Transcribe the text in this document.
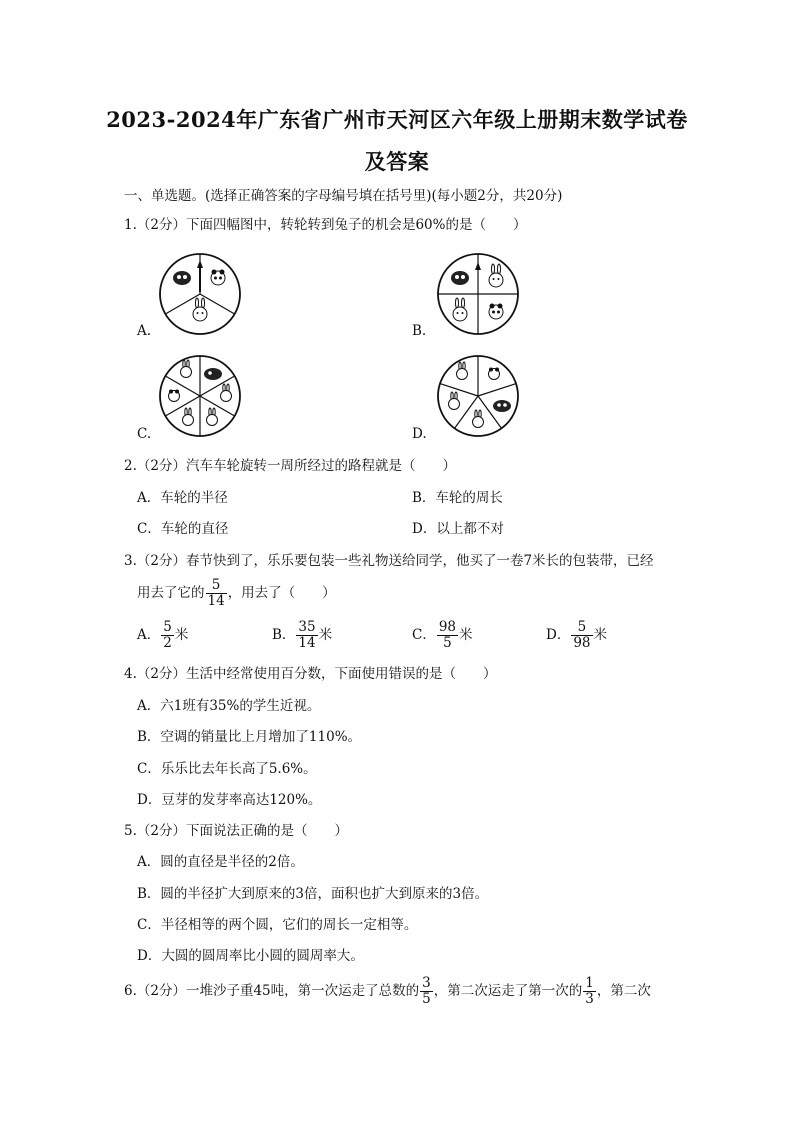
2023-2024年广东省广州市天河区六年级上册期末数学试卷
及答案
一、单选题。(选择正确答案的字母编号填在括号里)(每小题2分，共20分)
1.（2分）下面四幅图中，转轮转到兔子的机会是60%的是（　　）
A.	B.
C.	D.
2.（2分）汽车车轮旋转一周所经过的路程就是（　　）
A．车轮的半径	B．车轮的周长
C．车轮的直径	D．以上都不对
3.（2分）春节快到了，乐乐要包装一些礼物送给同学，他买了一卷7米长的包装带，已经
用去了它的 $\frac{5}{14}$ ，用去了（　　）
A． $\frac{5}{2}$ 米	B． $\frac{35}{14}$ 米	C． $\frac{98}{5}$ 米	D． $\frac{5}{98}$ 米
4.（2分）生活中经常使用百分数，下面使用错误的是（　　）
A．六1班有35%的学生近视。
B．空调的销量比上月增加了110%。
C．乐乐比去年长高了5.6%。
D．豆芽的发芽率高达120%。
5.（2分）下面说法正确的是（　　）
A．圆的直径是半径的2倍。
B．圆的半径扩大到原来的3倍，面积也扩大到原来的3倍。
C．半径相等的两个圆，它们的周长一定相等。
D．大圆的圆周率比小圆的圆周率大。
6.（2分）一堆沙子重45吨，第一次运走了总数的 $\frac{3}{5}$ ，第二次运走了第一次的 $\frac{1}{3}$ ，第二次
